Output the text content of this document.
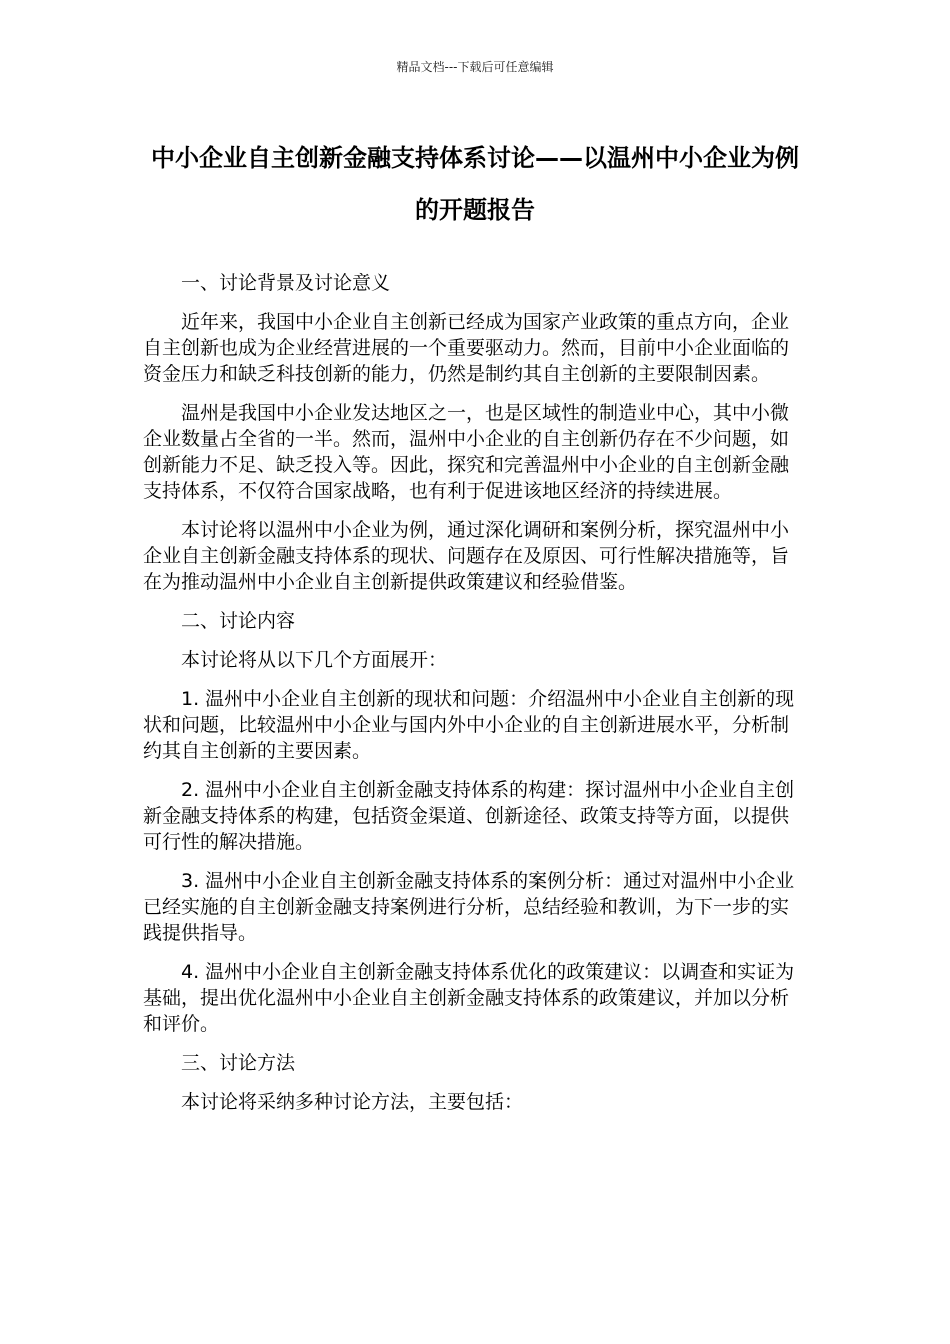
精品文档---下载后可任意编辑
中小企业自主创新金融支持体系讨论——以温州中小企业为例的开题报告

一、讨论背景及讨论意义

近年来，我国中小企业自主创新已经成为国家产业政策的重点方向，企业自主创新也成为企业经营进展的一个重要驱动力。然而，目前中小企业面临的资金压力和缺乏科技创新的能力，仍然是制约其自主创新的主要限制因素。

温州是我国中小企业发达地区之一，也是区域性的制造业中心，其中小微企业数量占全省的一半。然而，温州中小企业的自主创新仍存在不少问题，如创新能力不足、缺乏投入等。因此，探究和完善温州中小企业的自主创新金融支持体系，不仅符合国家战略，也有利于促进该地区经济的持续进展。

本讨论将以温州中小企业为例，通过深化调研和案例分析，探究温州中小企业自主创新金融支持体系的现状、问题存在及原因、可行性解决措施等，旨在为推动温州中小企业自主创新提供政策建议和经验借鉴。

二、讨论内容

本讨论将从以下几个方面展开：

1. 温州中小企业自主创新的现状和问题：介绍温州中小企业自主创新的现状和问题，比较温州中小企业与国内外中小企业的自主创新进展水平，分析制约其自主创新的主要因素。

2. 温州中小企业自主创新金融支持体系的构建：探讨温州中小企业自主创新金融支持体系的构建，包括资金渠道、创新途径、政策支持等方面，以提供可行性的解决措施。

3. 温州中小企业自主创新金融支持体系的案例分析：通过对温州中小企业已经实施的自主创新金融支持案例进行分析，总结经验和教训，为下一步的实践提供指导。

4. 温州中小企业自主创新金融支持体系优化的政策建议：以调查和实证为基础，提出优化温州中小企业自主创新金融支持体系的政策建议，并加以分析和评价。

三、讨论方法

本讨论将采纳多种讨论方法，主要包括：
